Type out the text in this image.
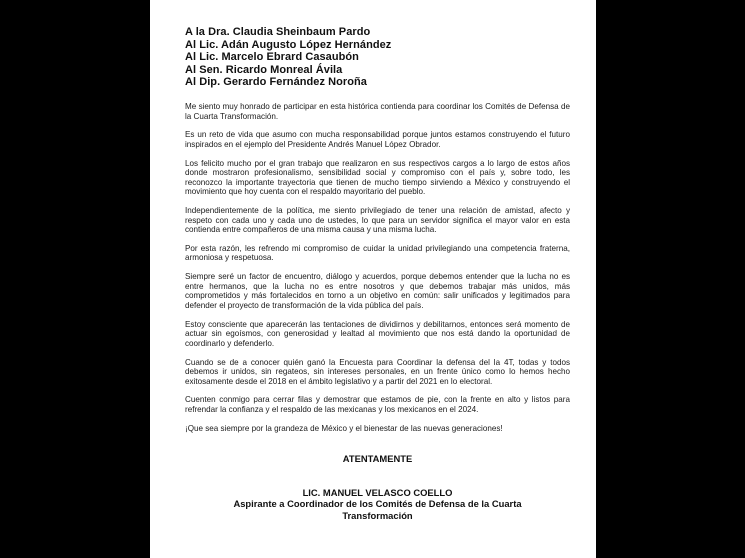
A la Dra. Claudia Sheinbaum Pardo
Al Lic. Adán Augusto López Hernández
Al Lic. Marcelo Ebrard Casaubón
Al Sen. Ricardo Monreal Ávila
Al Dip. Gerardo Fernández Noroña

Me siento muy honrado de participar en esta histórica contienda para coordinar los Comités de Defensa de la Cuarta Transformación.

Es un reto de vida que asumo con mucha responsabilidad porque juntos estamos construyendo el futuro inspirados en el ejemplo del Presidente Andrés Manuel López Obrador.

Los felicito mucho por el gran trabajo que realizaron en sus respectivos cargos a lo largo de estos años donde mostraron profesionalismo, sensibilidad social y compromiso con el país y, sobre todo, les reconozco la importante trayectoria que tienen de mucho tiempo sirviendo a México y construyendo el movimiento que hoy cuenta con el respaldo mayoritario del pueblo.

Independientemente de la política, me siento privilegiado de tener una relación de amistad, afecto y respeto con cada uno y cada uno de ustedes, lo que para un servidor significa el mayor valor en esta contienda entre compañeros de una misma causa y una misma lucha.

Por esta razón, les refrendo mi compromiso de cuidar la unidad privilegiando una competencia fraterna, armoniosa y respetuosa.

Siempre seré un factor de encuentro, diálogo y acuerdos, porque debemos entender que la lucha no es entre hermanos, que la lucha no es entre nosotros y que debemos trabajar más unidos, más comprometidos y más fortalecidos en torno a un objetivo en común: salir unificados y legitimados para defender el proyecto de transformación de la vida pública del país.

Estoy consciente que aparecerán las tentaciones de dividirnos y debilitarnos, entonces será momento de actuar sin egoísmos, con generosidad y lealtad al movimiento que nos está dando la oportunidad de coordinarlo y defenderlo.

Cuando se de a conocer quién ganó la Encuesta para Coordinar la defensa del la 4T, todas y todos debemos ir unidos, sin regateos, sin intereses personales, en un frente único como lo hemos hecho exitosamente desde el 2018 en el ámbito legislativo y a partir del 2021 en lo electoral.

Cuenten conmigo para cerrar filas y demostrar que estamos de pie, con la frente en alto y listos para refrendar la confianza y el respaldo de las mexicanas y los mexicanos en el 2024.

¡Que sea siempre por la grandeza de México y el bienestar de las nuevas generaciones!

ATENTAMENTE
LIC. MANUEL VELASCO COELLO
Aspirante a Coordinador de los Comités de Defensa de la Cuarta
Transformación
